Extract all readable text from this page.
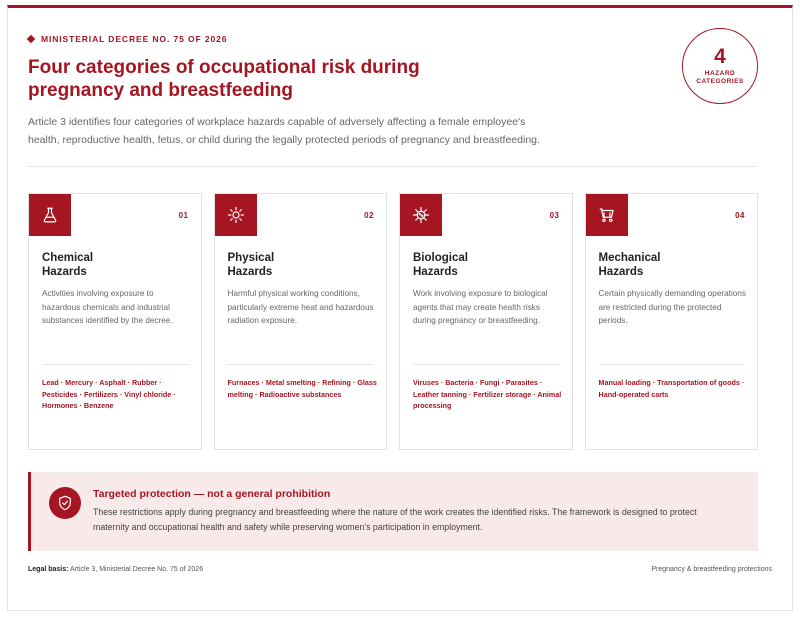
MINISTERIAL DECREE NO. 75 OF 2026
Four categories of occupational risk during pregnancy and breastfeeding
Article 3 identifies four categories of workplace hazards capable of adversely affecting a female employee's health, reproductive health, fetus, or child during the legally protected periods of pregnancy and breastfeeding.
4
HAZARD
CATEGORIES
01
Chemical
Hazards
Activities involving exposure to hazardous chemicals and industrial substances identified by the decree.
Lead · Mercury · Asphalt · Rubber · Pesticides · Fertilizers · Vinyl chloride · Hormones · Benzene
02
Physical
Hazards
Harmful physical working conditions, particularly extreme heat and hazardous radiation exposure.
Furnaces · Metal smelting · Refining · Glass melting · Radioactive substances
03
Biological
Hazards
Work involving exposure to biological agents that may create health risks during pregnancy or breastfeeding.
Viruses · Bacteria · Fungi · Parasites · Leather tanning · Fertilizer storage · Animal processing
04
Mechanical
Hazards
Certain physically demanding operations are restricted during the protected periods.
Manual loading · Transportation of goods · Hand-operated carts
Targeted protection — not a general prohibition
These restrictions apply during pregnancy and breastfeeding where the nature of the work creates the identified risks. The framework is designed to protect maternity and occupational health and safety while preserving women's participation in employment.
Legal basis: Article 3, Ministerial Decree No. 75 of 2026	Pregnancy & breastfeeding protections
